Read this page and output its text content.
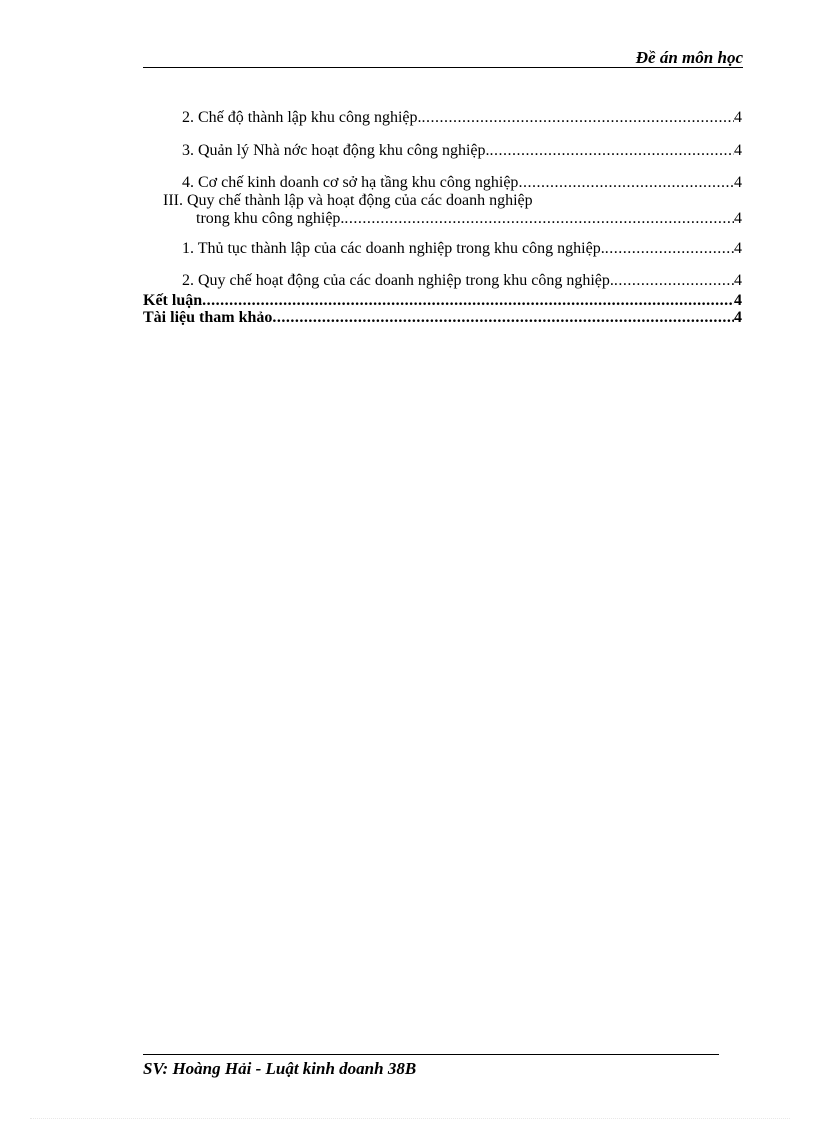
Đề án môn học
2. Chế độ thành lập khu công nghiệp. .....	4
3. Quản lý Nhà nớc hoạt động khu công nghiệp. .....	4
4. Cơ chế kinh doanh cơ sở hạ tầng khu công nghiệp .....	4
III. Quy chế thành lập và hoạt động của các doanh nghiệp
trong khu công nghiệp. .....	4
1. Thủ tục thành lập của các doanh nghiệp trong khu công nghiệp. .....	4
2. Quy chế hoạt động của các doanh nghiệp trong khu công nghiệp. .....	4
Kết luận .....	4
Tài liệu tham khảo .....	4
SV: Hoàng Hải - Luật kinh doanh 38B
